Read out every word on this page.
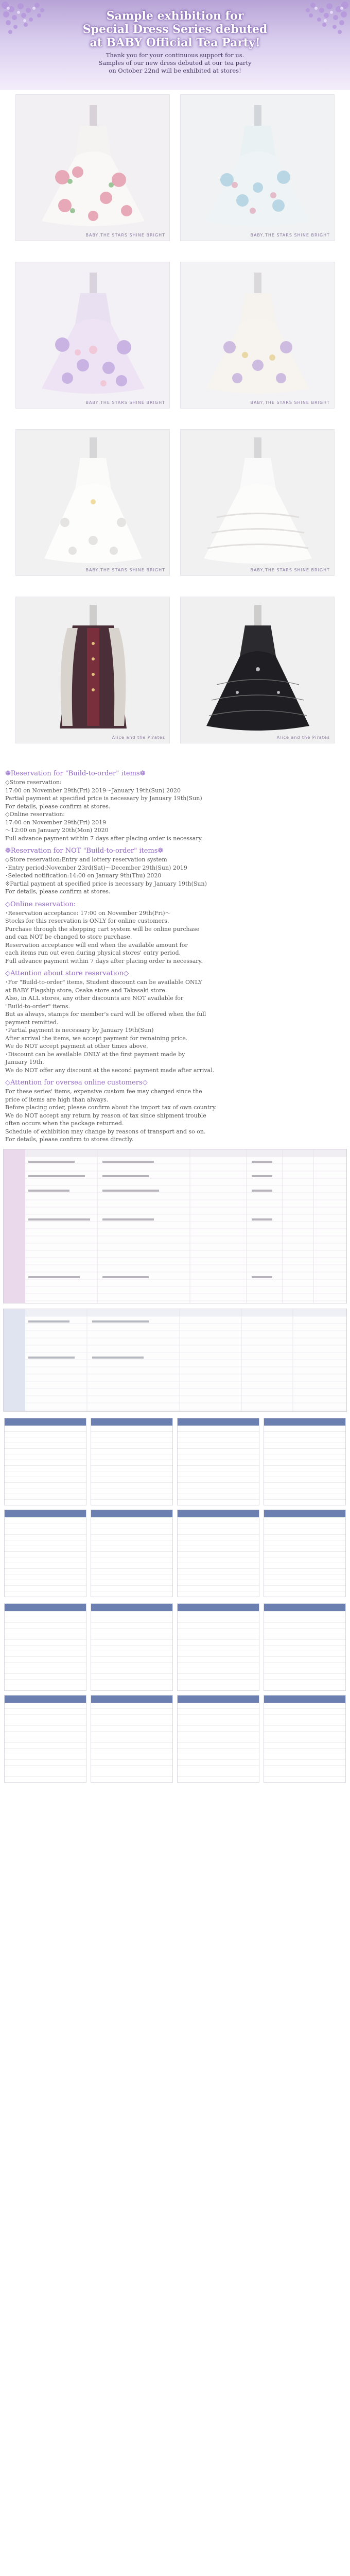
Sample exhibition for
Special Dress Series debuted
at BABY Official Tea Party!

Thank you for your continuous support for us.
Samples of our new dress debuted at our tea party
on October 22nd will be exhibited at stores!

BABY,THE STARS SHINE BRIGHT	BABY,THE STARS SHINE BRIGHT
BABY,THE STARS SHINE BRIGHT	BABY,THE STARS SHINE BRIGHT
BABY,THE STARS SHINE BRIGHT	BABY,THE STARS SHINE BRIGHT
Alice and the Pirates	Alice and the Pirates
❁Reservation for "Build-to-order" items❁

◇Store reservation:
17:00 on November 29th(Fri) 2019〜January 19th(Sun) 2020
Partial payment at specified price is necessary by January 19th(Sun)
For details, please confirm at stores.
◇Online reservation:
17:00 on November 29th(Fri) 2019
〜12:00 on January 20th(Mon) 2020
Full advance payment within 7 days after placing order is necessary.

❁Reservation for NOT "Build-to-order" items❁

◇Store reservation:Entry and lottery reservation system
･Entry period:November 23rd(Sat)〜December 29th(Sun) 2019
･Selected notification:14:00 on January 9th(Thu) 2020
※Partial payment at specified price is necessary by January 19th(Sun)
For details, please confirm at stores.

◇Online reservation:

･Reservation acceptance: 17:00 on November 29th(Fri)〜
Stocks for this reservation is ONLY for online customers.
Purchase through the shopping cart system will be online purchase
and can NOT be changed to store purchase.
Reservation acceptance will end when the available amount for
each items run out even during physical stores' entry period.
Full advance payment within 7 days after placing order is necessary.

◇Attention about store reservation◇

･For "Build-to-order" items, Student discount can be available ONLY
at BABY Flagship store, Osaka store and Takasaki store.
Also, in ALL stores, any other discounts are NOT available for
"Build-to-order" items.
But as always, stamps for member's card will be offered when the full
payment remitted.
･Partial payment is necessary by January 19th(Sun)
After arrival the items, we accept payment for remaining price.
We do NOT accept payment at other times above.
･Discount can be available ONLY at the first payment made by
January 19th.
We do NOT offer any discount at the second payment made after arrival.

◇Attention for oversea online customers◇

For these series' items, expensive custom fee may charged since the
price of items are high than always.
Before placing order, please confirm about the import tax of own country.
We do NOT accept any return by reason of tax since shipment trouble
often occurs when the package returned.
Schedule of exhibition may change by reasons of transport and so on.
For details, please confirm to stores directly.
